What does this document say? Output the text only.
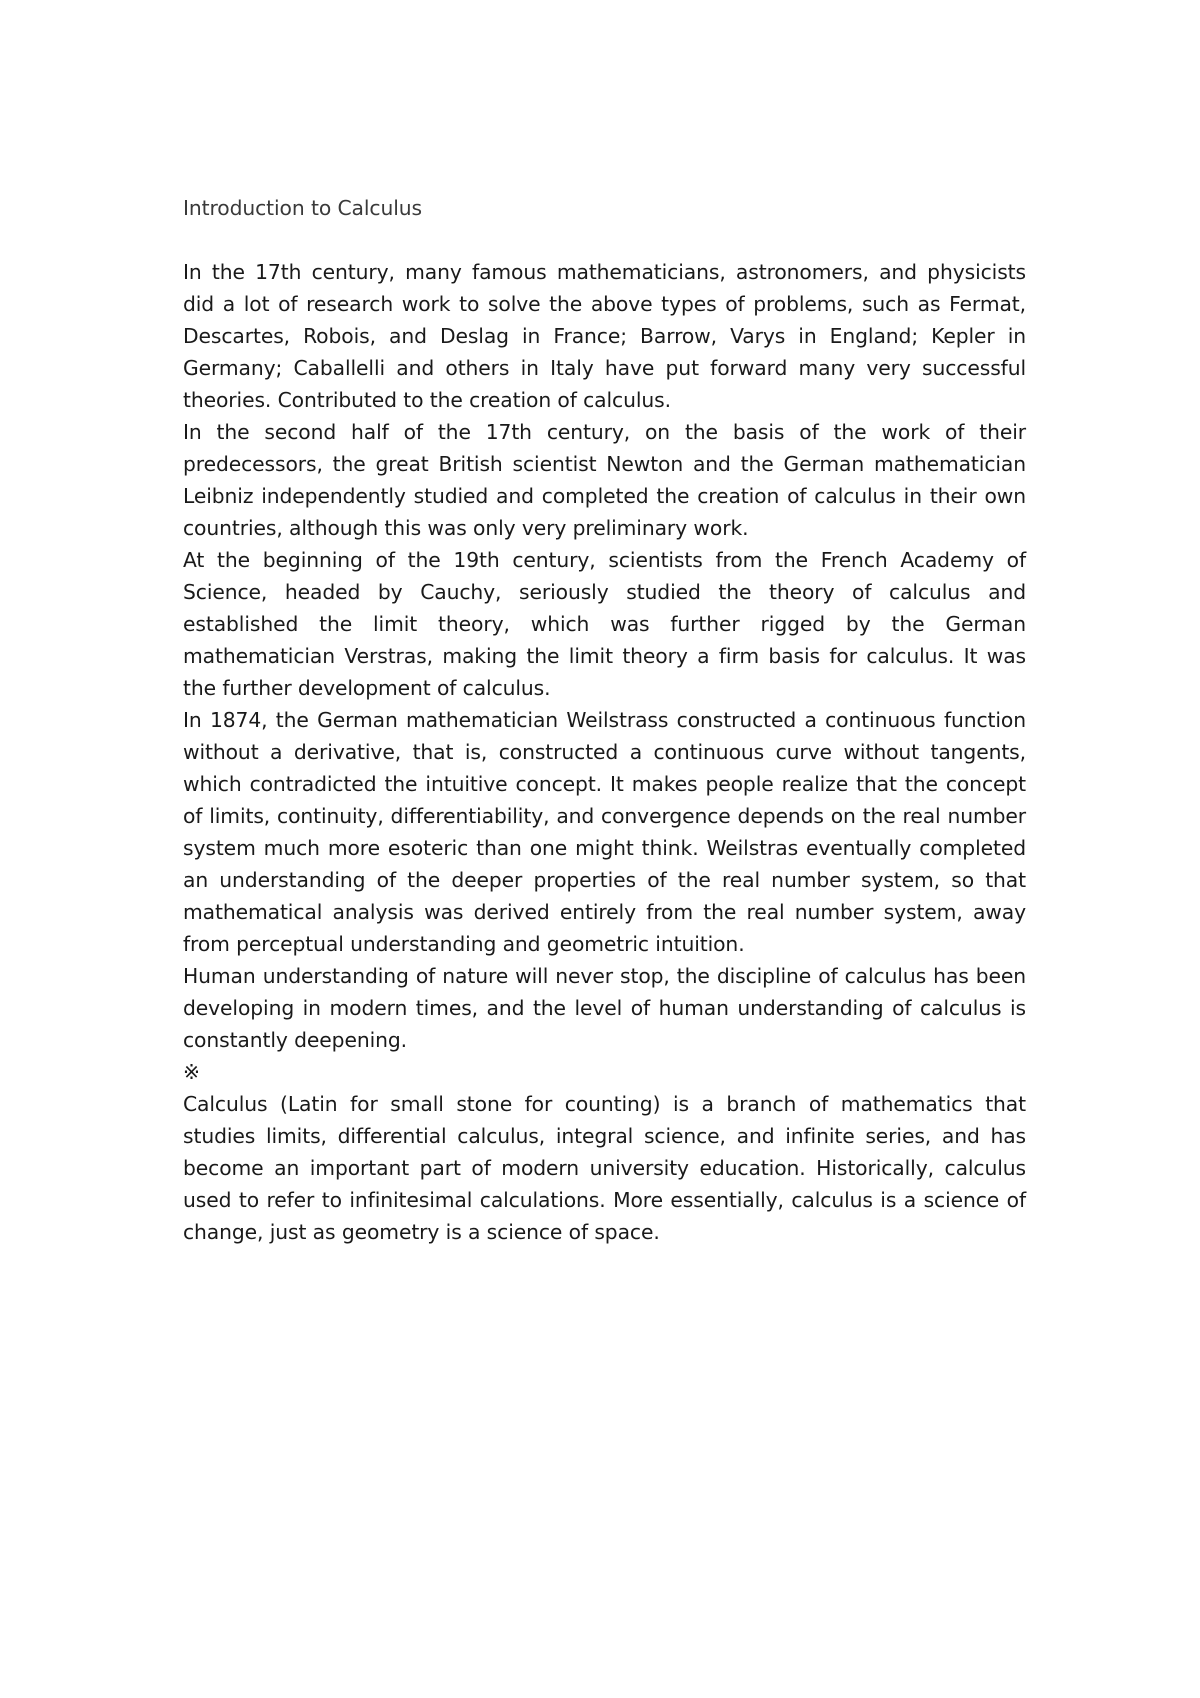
Introduction to Calculus

In the 17th century, many famous mathematicians, astronomers, and physicists did a lot of research work to solve the above types of problems, such as Fermat, Descartes, Robois, and Deslag in France; Barrow, Varys in England; Kepler in Germany; Caballelli and others in Italy have put forward many very successful theories. Contributed to the creation of calculus.

In the second half of the 17th century, on the basis of the work of their predecessors, the great British scientist Newton and the German mathematician Leibniz independently studied and completed the creation of calculus in their own countries, although this was only very preliminary work.

At the beginning of the 19th century, scientists from the French Academy of Science, headed by Cauchy, seriously studied the theory of calculus and established the limit theory, which was further rigged by the German mathematician Verstras, making the limit theory a firm basis for calculus. It was the further development of calculus.

In 1874, the German mathematician Weilstrass constructed a continuous function without a derivative, that is, constructed a continuous curve without tangents, which contradicted the intuitive concept. It makes people realize that the concept of limits, continuity, differentiability, and convergence depends on the real number system much more esoteric than one might think. Weilstras eventually completed an understanding of the deeper properties of the real number system, so that mathematical analysis was derived entirely from the real number system, away from perceptual understanding and geometric intuition.

Human understanding of nature will never stop, the discipline of calculus has been developing in modern times, and the level of human understanding of calculus is constantly deepening.

※

Calculus (Latin for small stone for counting) is a branch of mathematics that studies limits, differential calculus, integral science, and infinite series, and has become an important part of modern university education. Historically, calculus used to refer to infinitesimal calculations. More essentially, calculus is a science of change, just as geometry is a science of space.
